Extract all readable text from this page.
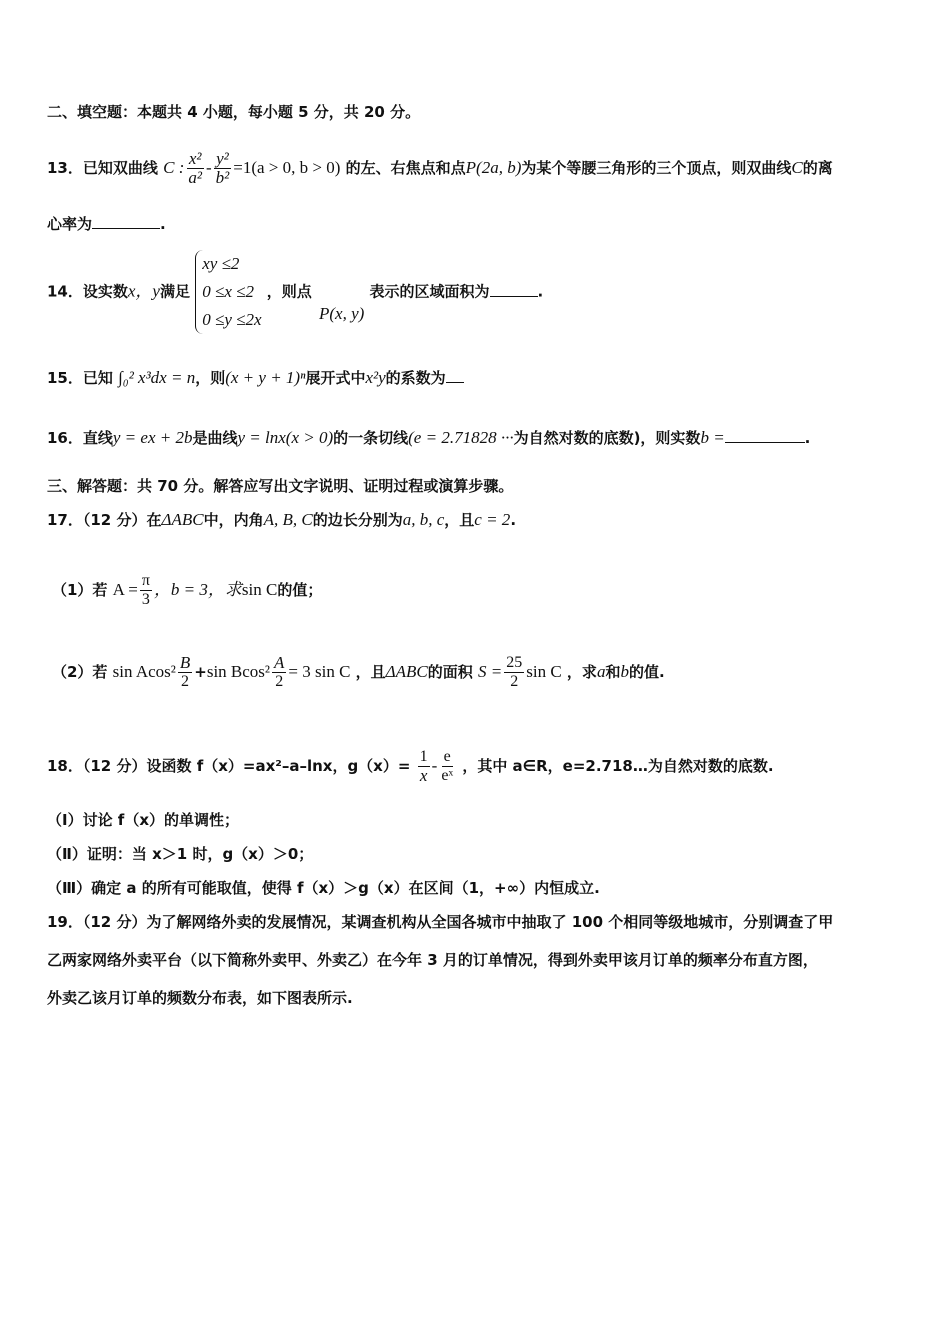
二、填空题：本题共 4 小题，每小题 5 分，共 20 分。
13．已知双曲线 C : $\frac{\text{x²}}{\text{a²}} - \frac{\text{y²}}{\text{b²}} =1(a > 0$, b > 0) 的左、右焦点和点P(2a, b)为某个等腰三角形的三个顶点，则双曲线C的离
心率为	.
14．设实数x，y满足
xy ≤2
0 ≤x ≤2
0 ≤y ≤2x
，则点 P(x, y) 表示的区域面积为	.
15．已知 ∫₀² x³dx = n，则(x + y + 1)ⁿ展开式中x²y的系数为
16．直线y = ex + 2b是曲线y = lnx(x > 0)的一条切线(e = 2.71828 ···为自然对数的底数)，则实数b =	.
三、解答题：共 70 分。解答应写出文字说明、证明过程或演算步骤。
17．（12 分）在ΔABC中，内角A, B, C的边长分别为a, b, c，且c = 2.
（1）若 $A = \frac{\pi}{3}$ ，b = 3，求sin C的值；
（2）若 $\sin Acos^2 \frac{B}{2} +\sin$ $Bcos^2 \frac{A}{2} = 3$ sin C ，且ΔABC的面积 $S = \frac{25}{2}$ sin C ，求a和b的值.
18．（12 分）设函数 f（x）=ax²–a–lnx，$g(x)= \frac{1}{x} - \frac{e}{\text{eˣ}}$ ，其中 a∈R，e=2.718…为自然对数的底数.
（Ⅰ）讨论 f（x）的单调性；
（Ⅱ）证明：当 x＞1 时，g（x）＞0；
（Ⅲ）确定 a 的所有可能取值，使得 f（x）＞g（x）在区间（1，+∞）内恒成立.
19．（12 分）为了解网络外卖的发展情况，某调查机构从全国各城市中抽取了 100 个相同等级地城市，分别调查了甲
乙两家网络外卖平台（以下简称外卖甲、外卖乙）在今年 3 月的订单情况，得到外卖甲该月订单的频率分布直方图，
外卖乙该月订单的频数分布表，如下图表所示.
